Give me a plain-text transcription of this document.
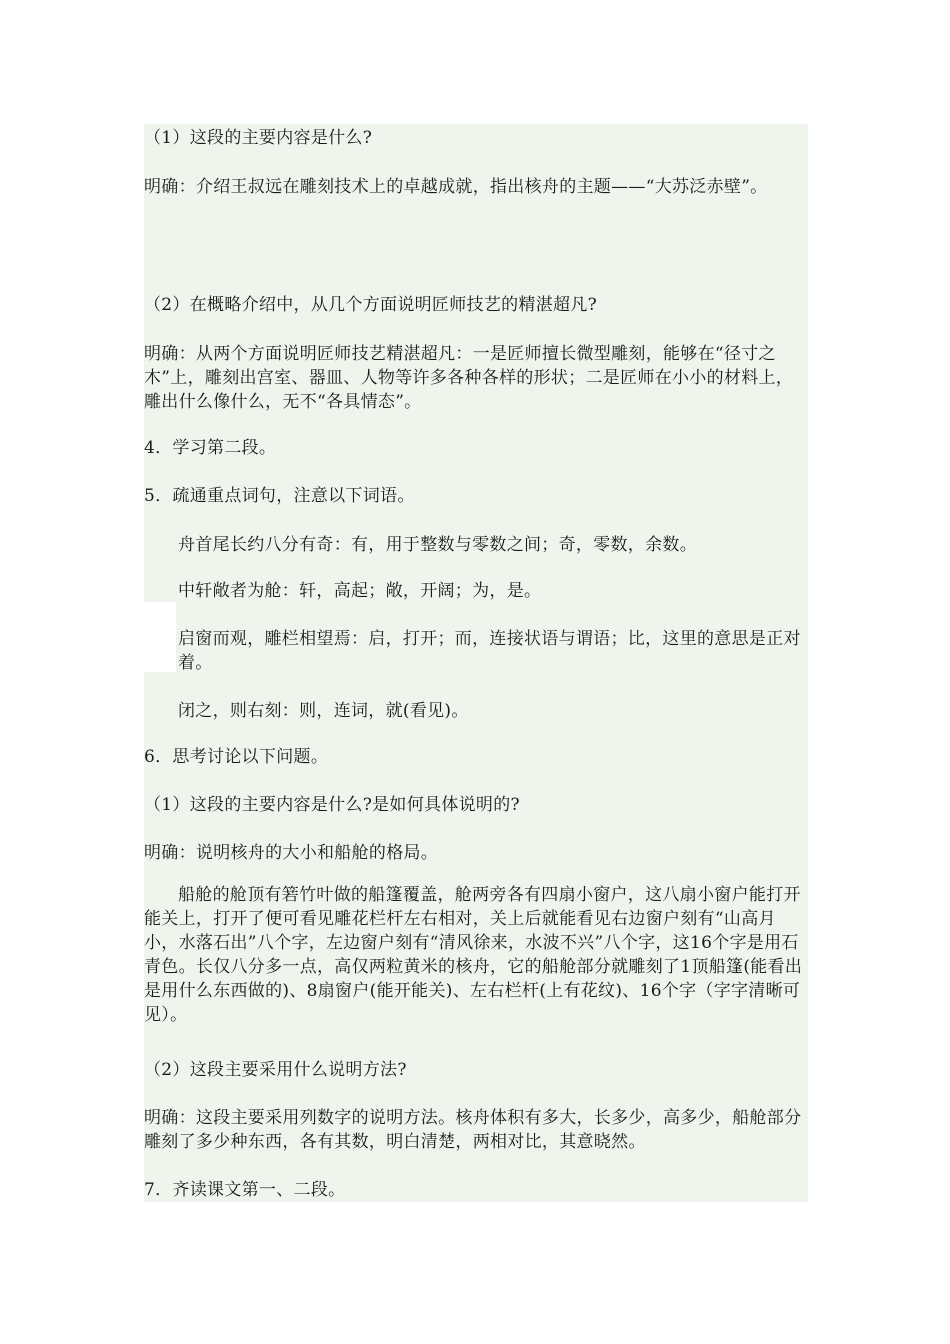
（1）这段的主要内容是什么?

明确：介绍王叔远在雕刻技术上的卓越成就，指出核舟的主题——“大苏泛赤壁”。

（2）在概略介绍中，从几个方面说明匠师技艺的精湛超凡?

明确：从两个方面说明匠师技艺精湛超凡：一是匠师擅长微型雕刻，能够在“径寸之木”上，雕刻出宫室、器皿、人物等许多各种各样的形状；二是匠师在小小的材料上，雕出什么像什么，无不“各具情态”。

4．学习第二段。

5．疏通重点词句，注意以下词语。

舟首尾长约八分有奇：有，用于整数与零数之间；奇，零数，余数。

中轩敞者为舱：轩，高起；敞，开阔；为，是。

启窗而观，雕栏相望焉：启，打开；而，连接状语与谓语；比，这里的意思是正对着。

闭之，则右刻：则，连词，就(看见)。

6．思考讨论以下问题。

（1）这段的主要内容是什么?是如何具体说明的?

明确：说明核舟的大小和船舱的格局。

船舱的舱顶有箬竹叶做的船篷覆盖，舱两旁各有四扇小窗户，这八扇小窗户能打开能关上，打开了便可看见雕花栏杆左右相对，关上后就能看见右边窗户刻有“山高月小，水落石出”八个字，左边窗户刻有“清风徐来，水波不兴”八个字，这16个字是用石青色。长仅八分多一点，高仅两粒黄米的核舟，它的船舱部分就雕刻了1顶船篷(能看出是用什么东西做的)、8扇窗户(能开能关)、左右栏杆(上有花纹)、16个字（字字清晰可见）。

（2）这段主要采用什么说明方法?

明确：这段主要采用列数字的说明方法。核舟体积有多大，长多少，高多少，船舱部分雕刻了多少种东西，各有其数，明白清楚，两相对比，其意晓然。

7．齐读课文第一、二段。
